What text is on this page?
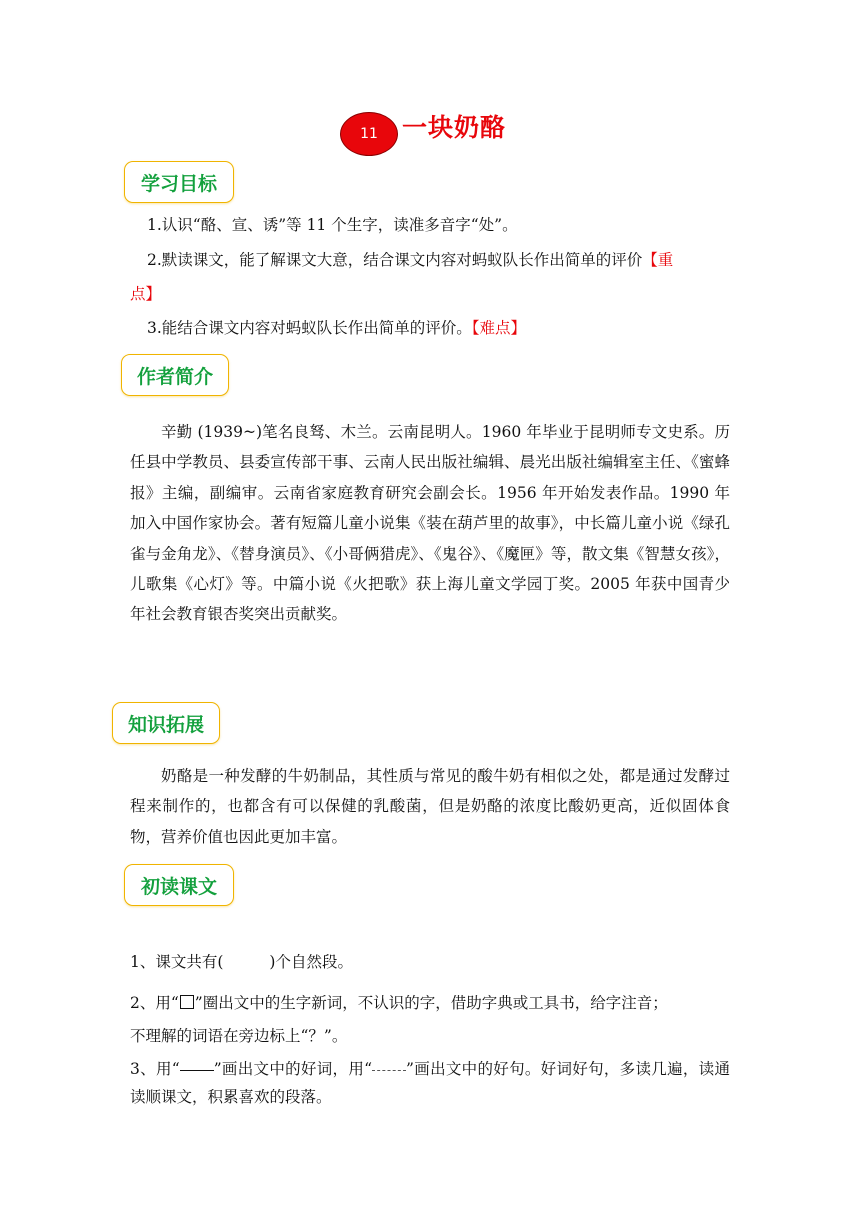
11 一块奶酪
学习目标
1.认识“酪、宣、诱”等 11 个生字，读准多音字“处”。
2.默读课文，能了解课文大意，结合课文内容对蚂蚁队长作出简单的评价【重
点】
3.能结合课文内容对蚂蚁队长作出简单的评价。【难点】
作者简介
辛勤 (1939~)笔名良驽、木兰。云南昆明人。1960 年毕业于昆明师专文史系。历任县中学教员、县委宣传部干事、云南人民出版社编辑、晨光出版社编辑室主任、《蜜蜂报》主编，副编审。云南省家庭教育研究会副会长。1956 年开始发表作品。1990 年加入中国作家协会。著有短篇儿童小说集《装在葫芦里的故事》，中长篇儿童小说《绿孔雀与金角龙》、《替身演员》、《小哥俩猎虎》、《鬼谷》、《魔匣》等，散文集《智慧女孩》，儿歌集《心灯》等。中篇小说《火把歌》获上海儿童文学园丁奖。2005 年获中国青少年社会教育银杏奖突出贡献奖。
知识拓展
奶酪是一种发酵的牛奶制品，其性质与常见的酸牛奶有相似之处，都是通过发酵过程来制作的，也都含有可以保健的乳酸菌，但是奶酪的浓度比酸奶更高，近似固体食物，营养价值也因此更加丰富。
初读课文
1、课文共有(	)个自然段。
2、用“ ”圈出文中的生字新词，不认识的字，借助字典或工具书，给字注音；
不理解的词语在旁边标上“？”。
3、用“ ”画出文中的好词，用“ ”画出文中的好句。好词好句，多读几遍，读通读顺课文，积累喜欢的段落。
